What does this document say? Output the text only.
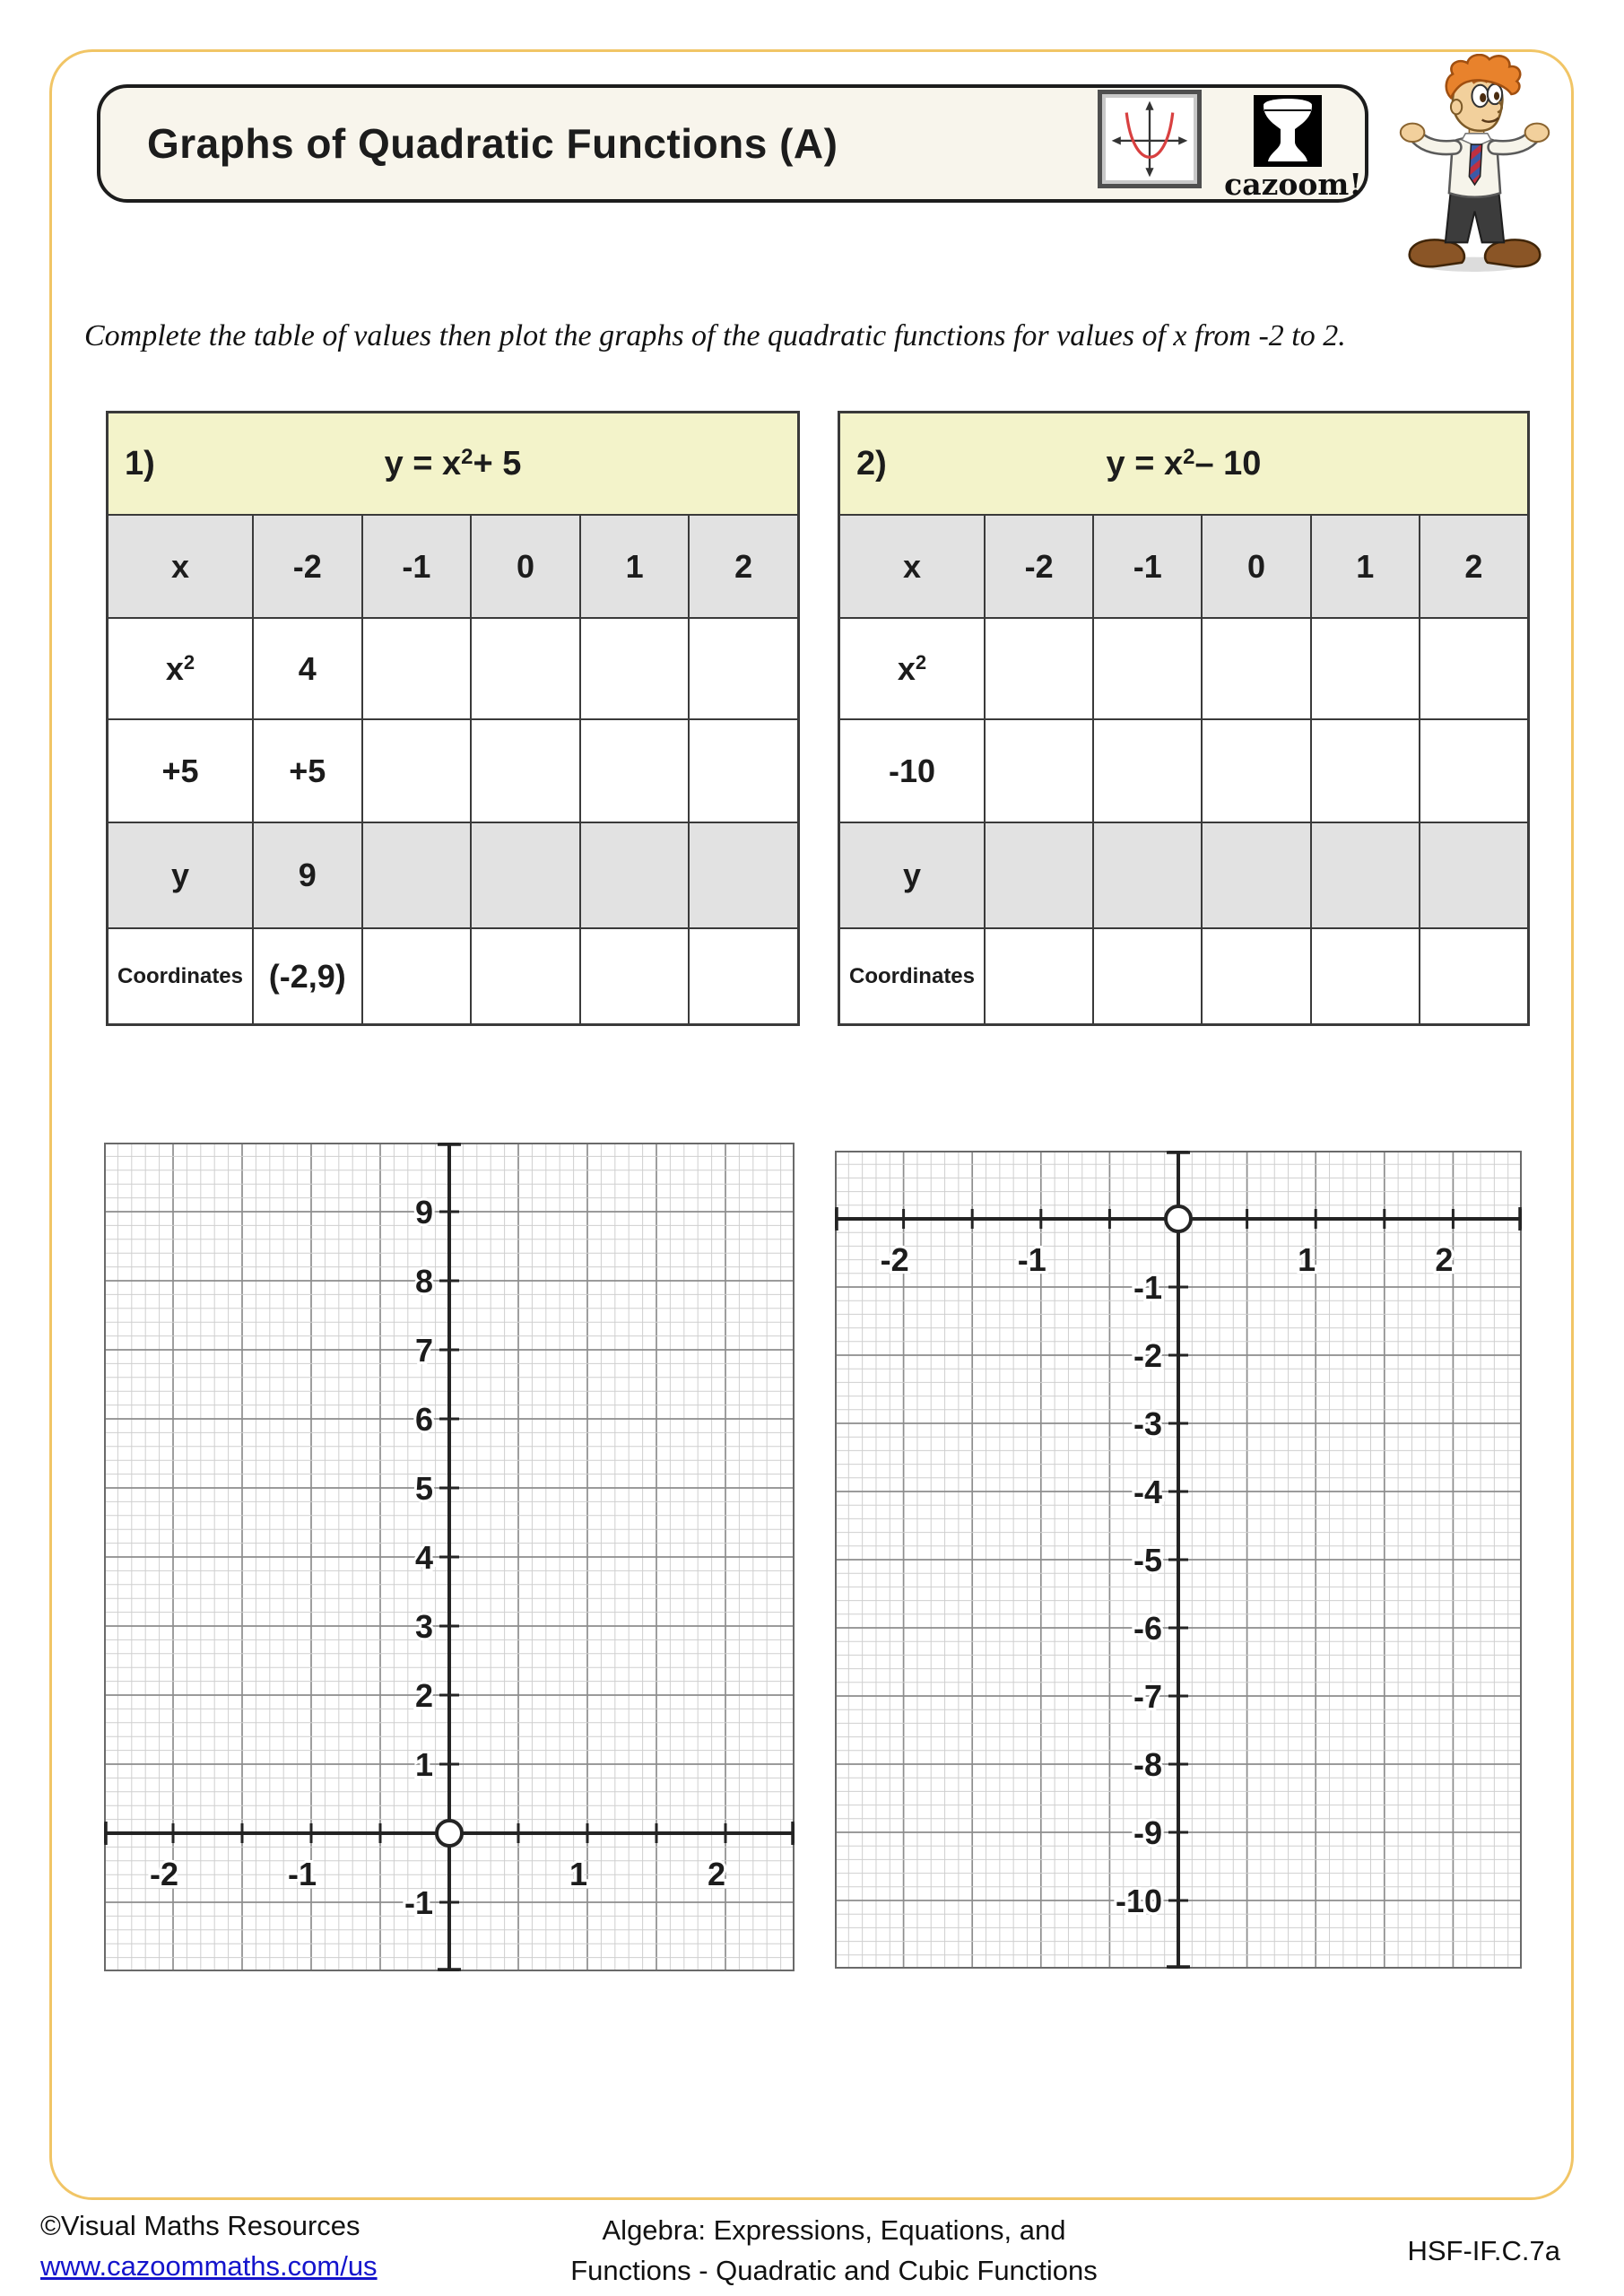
Graphs of Quadratic Functions (A)
cazoom!
Complete the table of values then plot the graphs of the quadratic functions for values of x from -2 to 2.
1)	y = x 2 + 5
x	-2	-1	0	1	2
x 2	4
+5	+5
y	9
Coordinates (-2,9)
2)	y = x 2 – 10
x	-2	-1	0	1	2
x 2
-10
y
Coordinates
9
8
7
6
5
4
3
2
1
-1
-2	-1	1	2
-1
-2
-3
-4
-5
-6
-7
-8
-9
-10
-2	-1	1	2
©Visual Maths Resources
www.cazoommaths.com/us
Algebra: Expressions, Equations, and
Functions - Quadratic and Cubic Functions
HSF-IF.C.7a
